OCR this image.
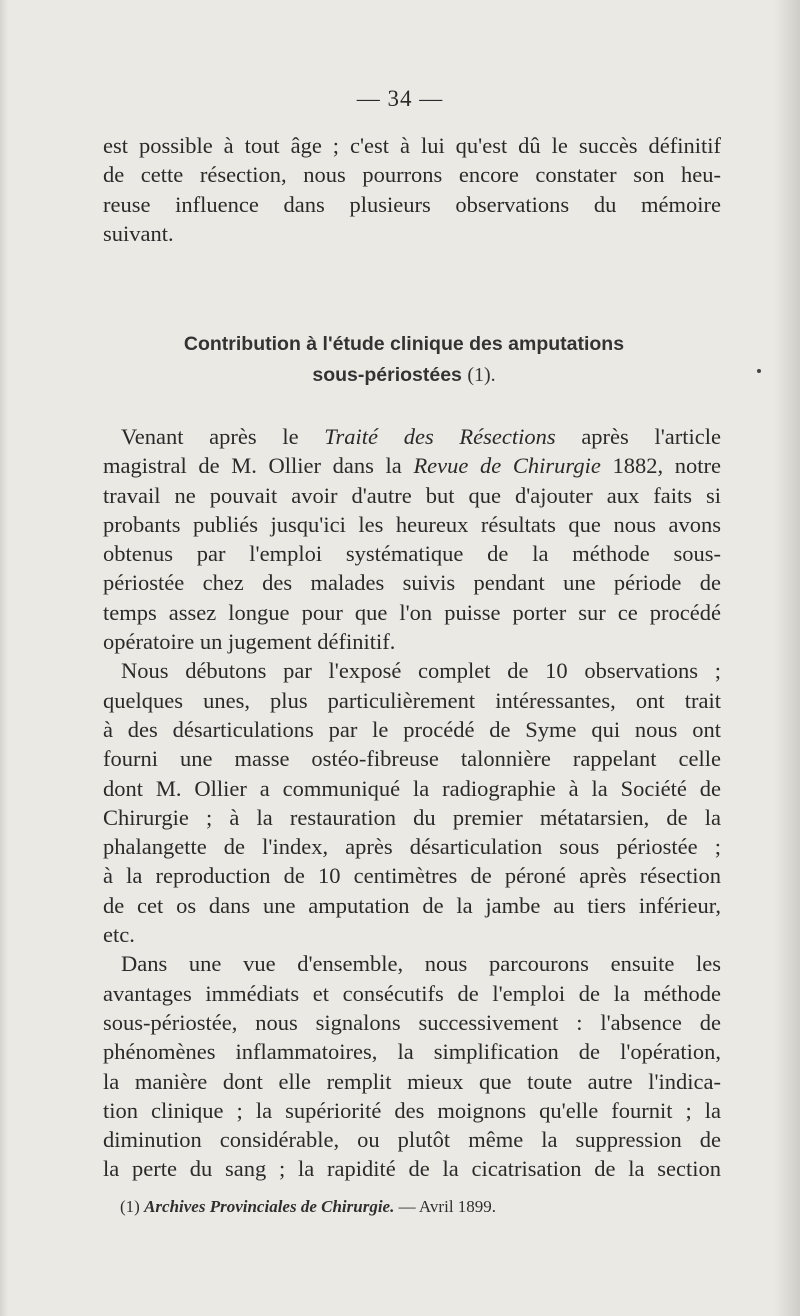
— 34 —
est possible à tout âge ; c'est à lui qu'est dû le succès définitif
de cette résection, nous pourrons encore constater son heu-
reuse influence dans plusieurs observations du mémoire
suivant.
Contribution à l'étude clinique des amputations
sous-périostées (1).
Venant après le Traité des Résections après l'article
magistral de M. Ollier dans la Revue de Chirurgie 1882, notre
travail ne pouvait avoir d'autre but que d'ajouter aux faits si
probants publiés jusqu'ici les heureux résultats que nous avons
obtenus par l'emploi systématique de la méthode sous-
périostée chez des malades suivis pendant une période de
temps assez longue pour que l'on puisse porter sur ce procédé
opératoire un jugement définitif.
Nous débutons par l'exposé complet de 10 observations ;
quelques unes, plus particulièrement intéressantes, ont trait
à des désarticulations par le procédé de Syme qui nous ont
fourni une masse ostéo-fibreuse talonnière rappelant celle
dont M. Ollier a communiqué la radiographie à la Société de
Chirurgie ; à la restauration du premier métatarsien, de la
phalangette de l'index, après désarticulation sous périostée ;
à la reproduction de 10 centimètres de péroné après résection
de cet os dans une amputation de la jambe au tiers inférieur,
etc.
Dans une vue d'ensemble, nous parcourons ensuite les
avantages immédiats et consécutifs de l'emploi de la méthode
sous-périostée, nous signalons successivement : l'absence de
phénomènes inflammatoires, la simplification de l'opération,
la manière dont elle remplit mieux que toute autre l'indica-
tion clinique ; la supériorité des moignons qu'elle fournit ; la
diminution considérable, ou plutôt même la suppression de
la perte du sang ; la rapidité de la cicatrisation de la section
(1) Archives Provinciales de Chirurgie. — Avril 1899.
